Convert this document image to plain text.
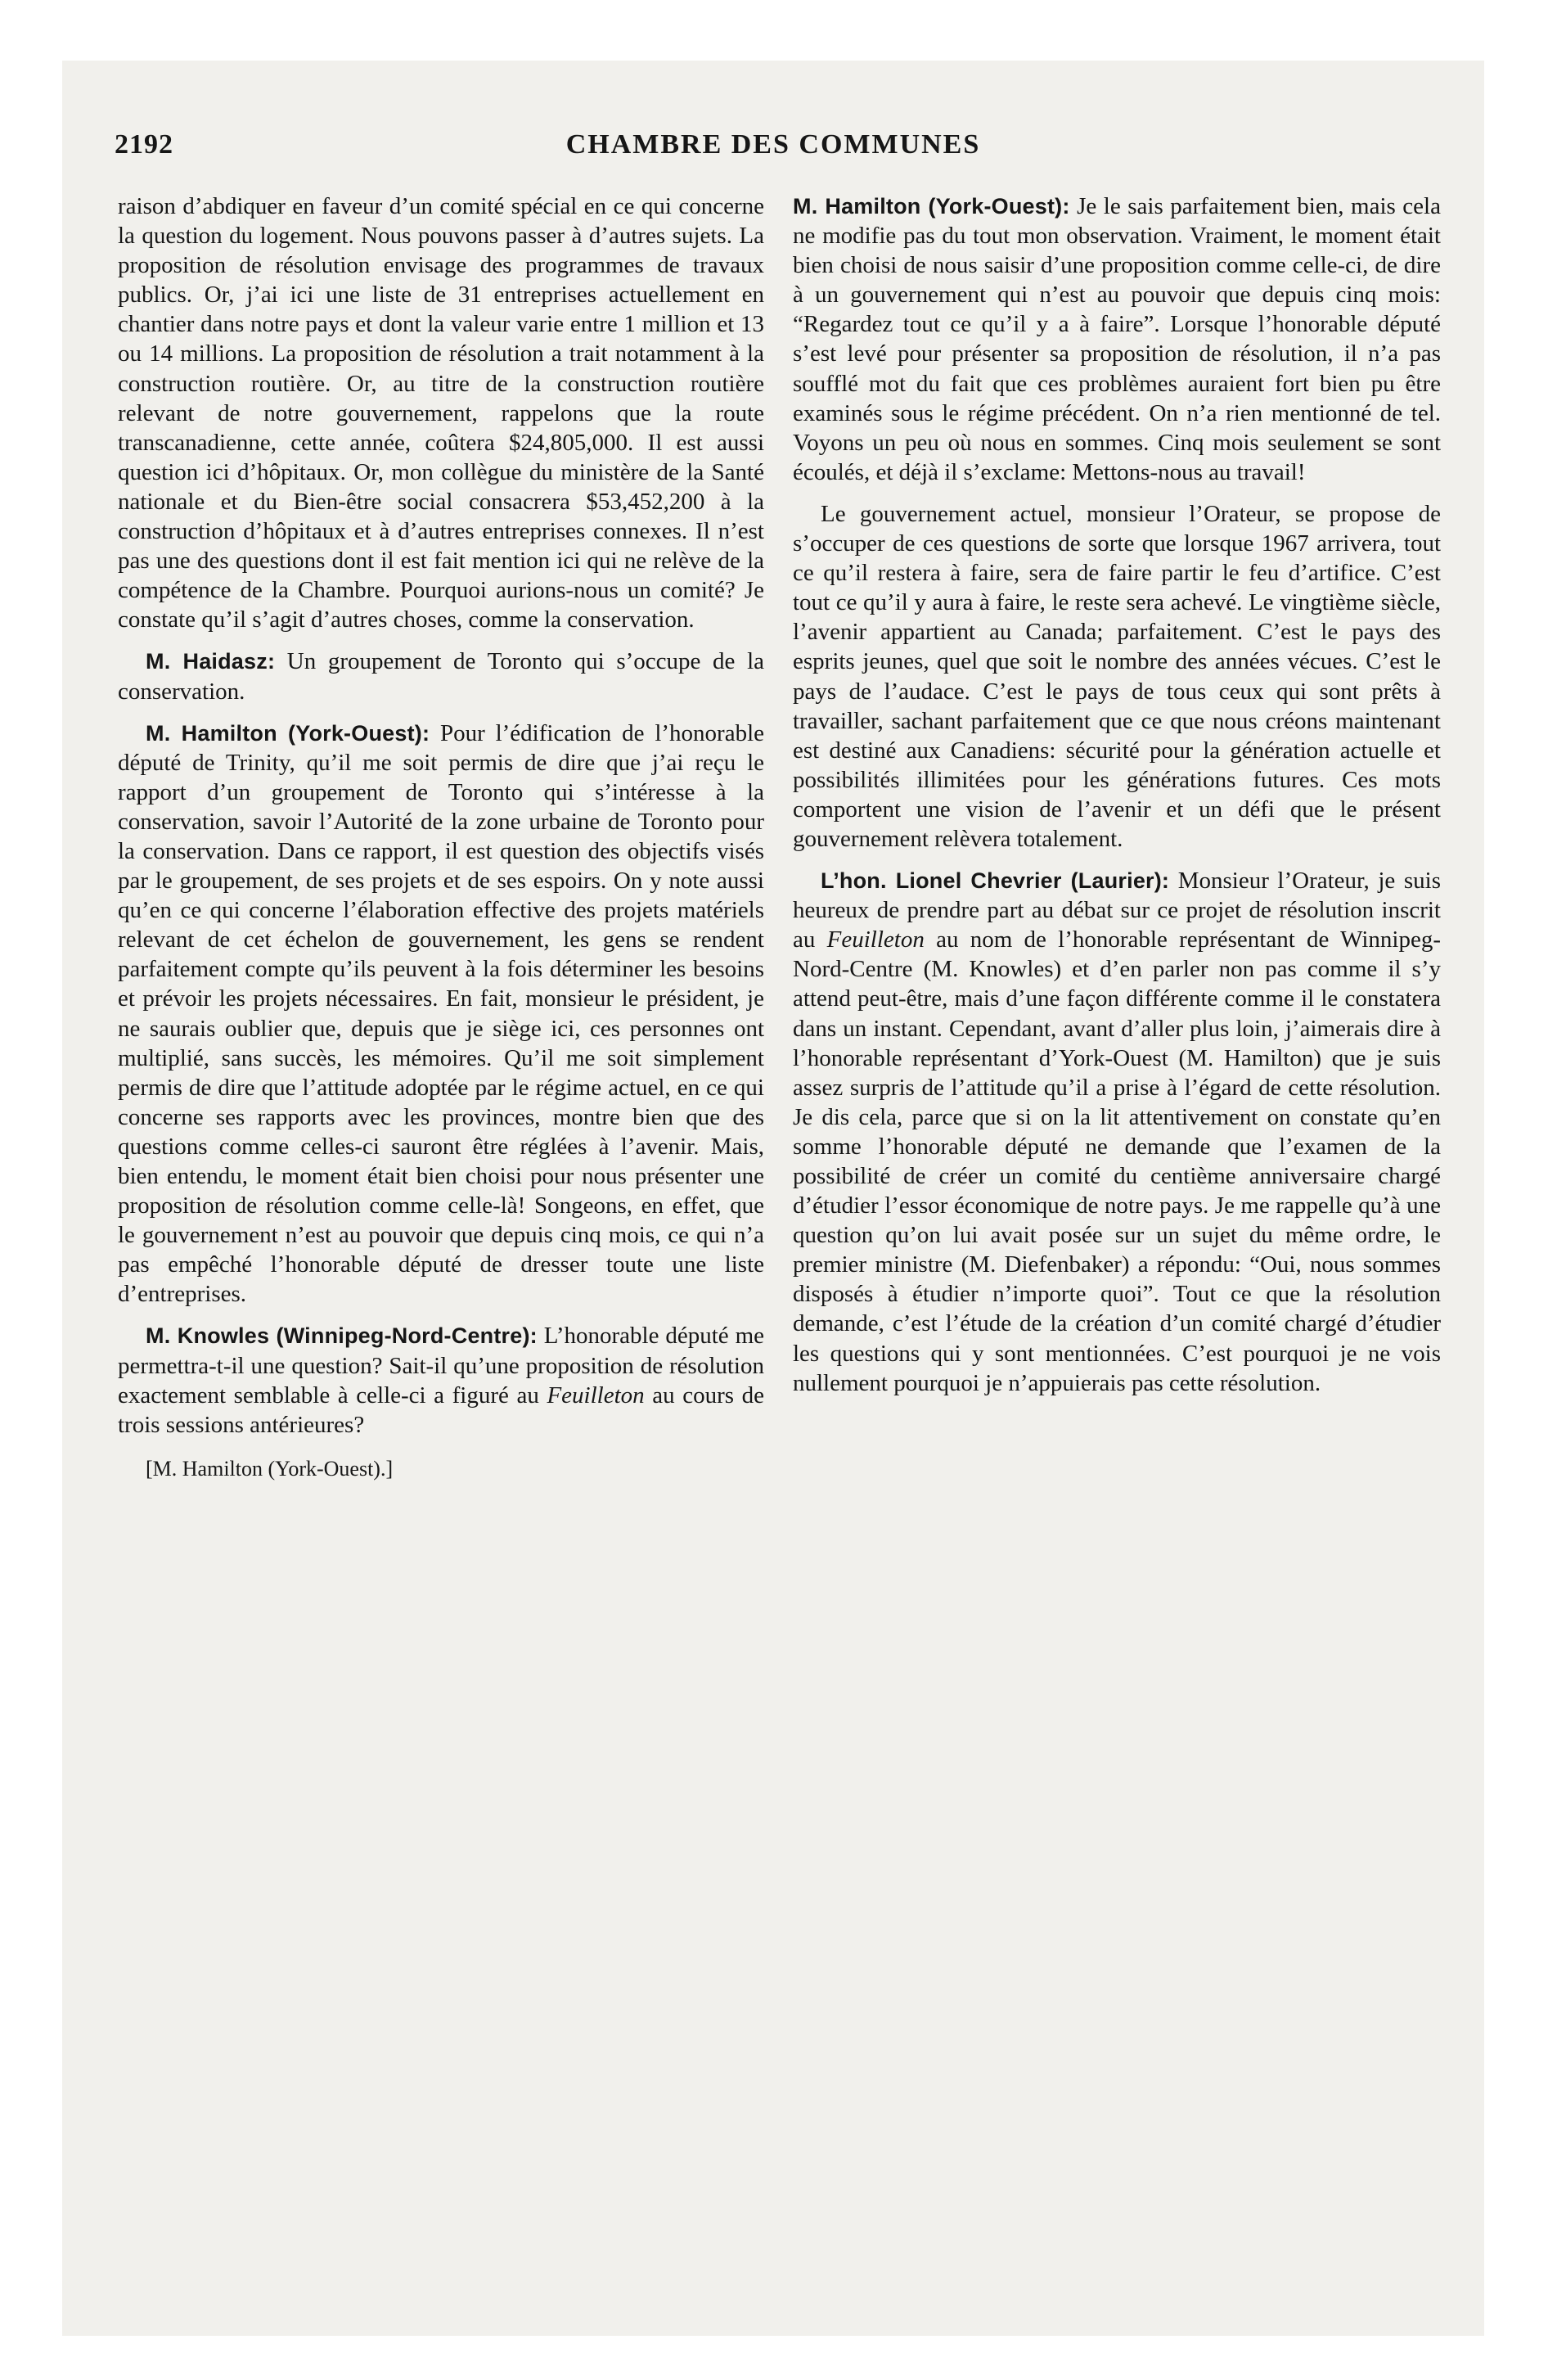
2192	CHAMBRE DES COMMUNES

raison d’abdiquer en faveur d’un comité spécial en ce qui concerne la question du logement. Nous pouvons passer à d’autres sujets. La proposition de résolution envisage des programmes de travaux publics. Or, j’ai ici une liste de 31 entreprises actuellement en chantier dans notre pays et dont la valeur varie entre 1 million et 13 ou 14 millions. La proposition de résolution a trait notamment à la construction routière. Or, au titre de la construction routière relevant de notre gouvernement, rappelons que la route transcanadienne, cette année, coûtera $24,805,000. Il est aussi question ici d’hôpitaux. Or, mon collègue du ministère de la Santé nationale et du Bien-être social consacrera $53,452,200 à la construction d’hôpitaux et à d’autres entreprises connexes. Il n’est pas une des questions dont il est fait mention ici qui ne relève de la compétence de la Chambre. Pourquoi aurions-nous un comité? Je constate qu’il s’agit d’autres choses, comme la conservation.

M. Haidasz: Un groupement de Toronto qui s’occupe de la conservation.

M. Hamilton (York-Ouest): Pour l’édification de l’honorable député de Trinity, qu’il me soit permis de dire que j’ai reçu le rapport d’un groupement de Toronto qui s’intéresse à la conservation, savoir l’Autorité de la zone urbaine de Toronto pour la conservation. Dans ce rapport, il est question des objectifs visés par le groupement, de ses projets et de ses espoirs. On y note aussi qu’en ce qui concerne l’élaboration effective des projets matériels relevant de cet échelon de gouvernement, les gens se rendent parfaitement compte qu’ils peuvent à la fois déterminer les besoins et prévoir les projets nécessaires. En fait, monsieur le président, je ne saurais oublier que, depuis que je siège ici, ces personnes ont multiplié, sans succès, les mémoires. Qu’il me soit simplement permis de dire que l’attitude adoptée par le régime actuel, en ce qui concerne ses rapports avec les provinces, montre bien que des questions comme celles-ci sauront être réglées à l’avenir. Mais, bien entendu, le moment était bien choisi pour nous présenter une proposition de résolution comme celle-là! Songeons, en effet, que le gouvernement n’est au pouvoir que depuis cinq mois, ce qui n’a pas empêché l’honorable député de dresser toute une liste d’entreprises.

M. Knowles (Winnipeg-Nord-Centre): L’honorable député me permettra-t-il une question? Sait-il qu’une proposition de résolution exactement semblable à celle-ci a figuré au Feuilleton au cours de trois sessions antérieures?

[M. Hamilton (York-Ouest).]

M. Hamilton (York-Ouest): Je le sais parfaitement bien, mais cela ne modifie pas du tout mon observation. Vraiment, le moment était bien choisi de nous saisir d’une proposition comme celle-ci, de dire à un gouvernement qui n’est au pouvoir que depuis cinq mois: “Regardez tout ce qu’il y a à faire”. Lorsque l’honorable député s’est levé pour présenter sa proposition de résolution, il n’a pas soufflé mot du fait que ces problèmes auraient fort bien pu être examinés sous le régime précédent. On n’a rien mentionné de tel. Voyons un peu où nous en sommes. Cinq mois seulement se sont écoulés, et déjà il s’exclame: Mettons-nous au travail!

Le gouvernement actuel, monsieur l’Orateur, se propose de s’occuper de ces questions de sorte que lorsque 1967 arrivera, tout ce qu’il restera à faire, sera de faire partir le feu d’artifice. C’est tout ce qu’il y aura à faire, le reste sera achevé. Le vingtième siècle, l’avenir appartient au Canada; parfaitement. C’est le pays des esprits jeunes, quel que soit le nombre des années vécues. C’est le pays de l’audace. C’est le pays de tous ceux qui sont prêts à travailler, sachant parfaitement que ce que nous créons maintenant est destiné aux Canadiens: sécurité pour la génération actuelle et possibilités illimitées pour les générations futures. Ces mots comportent une vision de l’avenir et un défi que le présent gouvernement relèvera totalement.

L’hon. Lionel Chevrier (Laurier): Monsieur l’Orateur, je suis heureux de prendre part au débat sur ce projet de résolution inscrit au Feuilleton au nom de l’honorable représentant de Winnipeg-Nord-Centre (M. Knowles) et d’en parler non pas comme il s’y attend peut-être, mais d’une façon différente comme il le constatera dans un instant. Cependant, avant d’aller plus loin, j’aimerais dire à l’honorable représentant d’York-Ouest (M. Hamilton) que je suis assez surpris de l’attitude qu’il a prise à l’égard de cette résolution. Je dis cela, parce que si on la lit attentivement on constate qu’en somme l’honorable député ne demande que l’examen de la possibilité de créer un comité du centième anniversaire chargé d’étudier l’essor économique de notre pays. Je me rappelle qu’à une question qu’on lui avait posée sur un sujet du même ordre, le premier ministre (M. Diefenbaker) a répondu: “Oui, nous sommes disposés à étudier n’importe quoi”. Tout ce que la résolution demande, c’est l’étude de la création d’un comité chargé d’étudier les questions qui y sont mentionnées. C’est pourquoi je ne vois nullement pourquoi je n’appuierais pas cette résolution.
